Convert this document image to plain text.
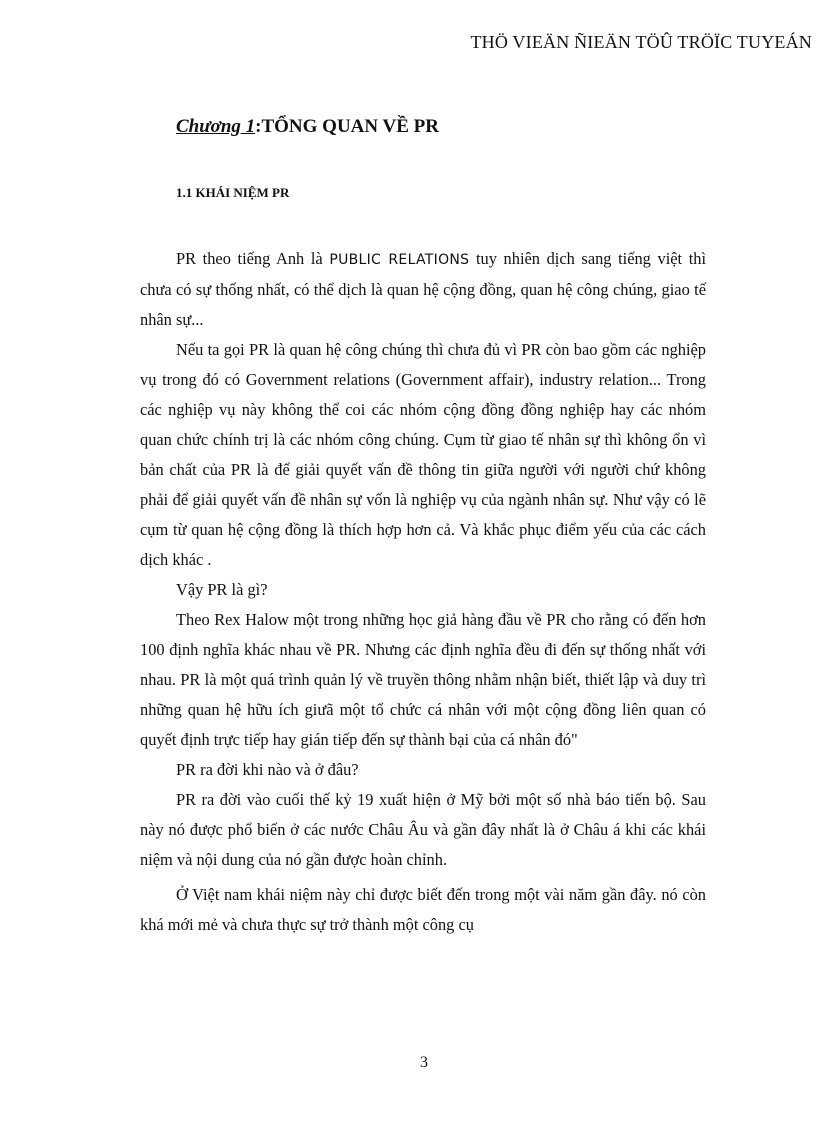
THÖ VIEÄN ÑIEÄN TÖÛ TRÖÏC TUYEÁN
Chương 1:TỔNG QUAN VỀ PR
1.1 KHÁI NIỆM PR

PR theo tiếng Anh là PUBLIC RELATIONS tuy nhiên dịch sang tiếng việt thì chưa có sự thống nhất, có thể dịch là quan hệ cộng đồng, quan hệ công chúng, giao tế nhân sự...

Nếu ta gọi PR là quan hệ công chúng thì chưa đủ vì PR còn bao gồm các nghiệp vụ trong đó có Government relations (Government affair), industry relation... Trong các nghiệp vụ này không thể coi các nhóm cộng đồng đồng nghiệp hay các nhóm quan chức chính trị là các nhóm công chúng. Cụm từ giao tế nhân sự thì không ổn vì bản chất của PR là để giải quyết vấn đề thông tin giữa người với người chứ không phải để giải quyết vấn đề nhân sự vốn là nghiệp vụ của ngành nhân sự. Như vậy có lẽ cụm từ quan hệ cộng đồng là thích hợp hơn cả. Và khắc phục điểm yếu của các cách dịch khác .

Vậy PR là gì?

Theo Rex Halow một trong những học giả hàng đầu về PR cho rằng có đến hơn 100 định nghĩa khác nhau về PR. Nhưng các định nghĩa đều đi đến sự thống nhất với nhau. PR là một quá trình quản lý về truyền thông nhằm nhận biết, thiết lập và duy trì những quan hệ hữu ích giưã một tổ chức cá nhân với một cộng đồng liên quan có quyết định trực tiếp hay gián tiếp đến sự thành bại của cá nhân đó"

PR ra đời khi nào và ở đâu?

PR ra đời vào cuối thế kỷ 19 xuất hiện ở Mỹ bởi một số nhà báo tiến bộ. Sau này nó được phổ biến ở các nước Châu Âu và gần đây nhất là ở Châu á khi các khái niệm và nội dung của nó gần được hoàn chỉnh.

Ở Việt nam khái niệm này chỉ được biết đến trong một vài năm gần đây. nó còn khá mới mẻ và chưa thực sự trở thành một công cụ

3
